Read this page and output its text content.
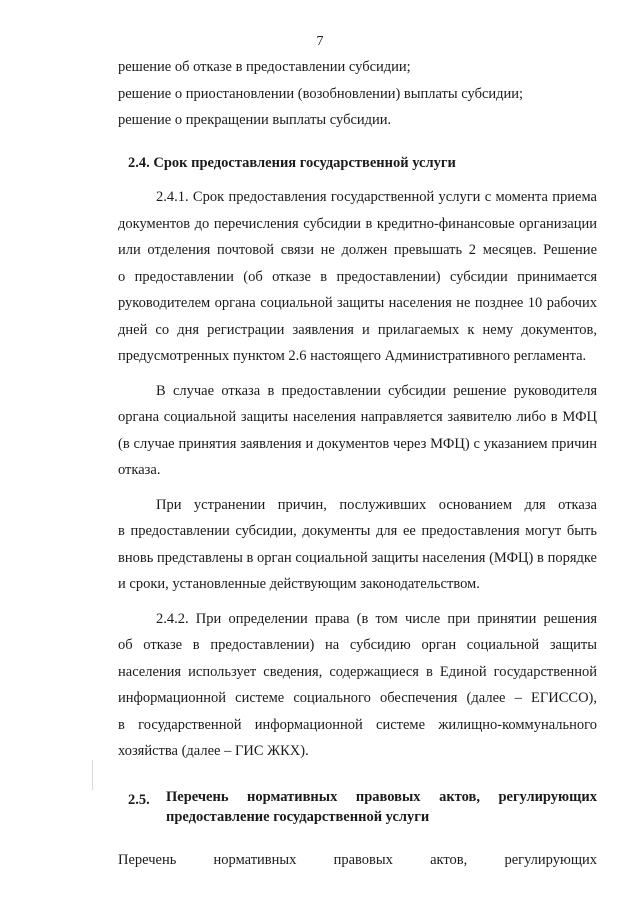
7
решение об отказе в предоставлении субсидии;
решение о приостановлении (возобновлении) выплаты субсидии;
решение о прекращении выплаты субсидии.
2.4. Срок предоставления государственной услуги
2.4.1. Срок предоставления государственной услуги с момента приема
документов до перечисления субсидии в кредитно-финансовые организации
или отделения почтовой связи не должен превышать 2 месяцев. Решение
о предоставлении (об отказе в предоставлении) субсидии принимается
руководителем органа социальной защиты населения не позднее 10 рабочих
дней со дня регистрации заявления и прилагаемых к нему документов,
предусмотренных пунктом 2.6 настоящего Административного регламента.
В случае отказа в предоставлении субсидии решение руководителя
органа социальной защиты населения направляется заявителю либо в МФЦ
(в случае принятия заявления и документов через МФЦ) с указанием причин
отказа.
При устранении причин, послуживших основанием для отказа
в предоставлении субсидии, документы для ее предоставления могут быть
вновь представлены в орган социальной защиты населения (МФЦ) в порядке
и сроки, установленные действующим законодательством.
2.4.2. При определении права (в том числе при принятии решения
об отказе в предоставлении) на субсидию орган социальной защиты
населения использует сведения, содержащиеся в Единой государственной
информационной системе социального обеспечения (далее – ЕГИССО),
в государственной информационной системе жилищно-коммунального
хозяйства (далее – ГИС ЖКХ).
2.5.	Перечень нормативных правовых актов, регулирующих
предоставление государственной услуги
Перечень нормативных правовых актов, регулирующих
